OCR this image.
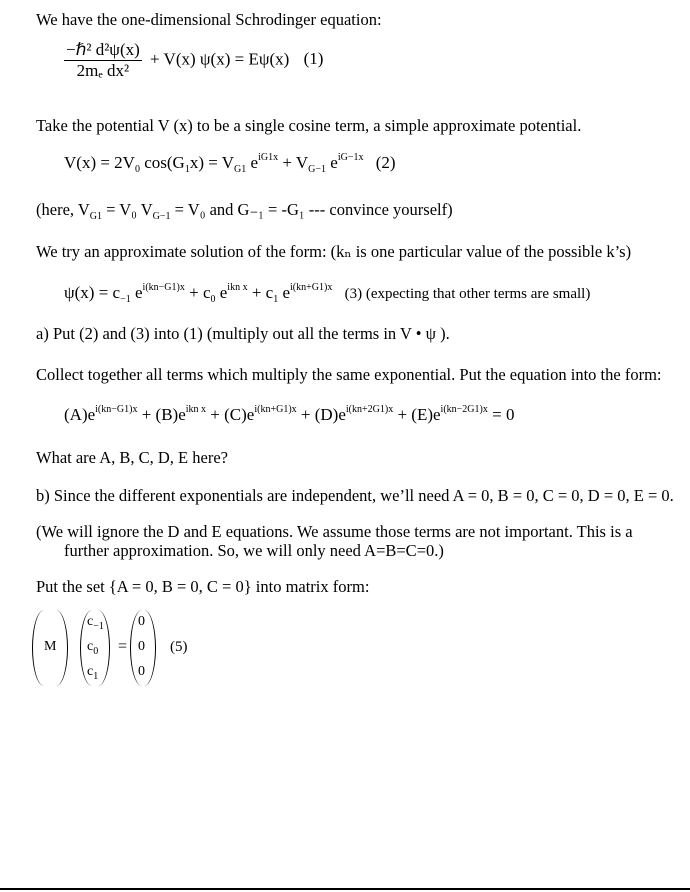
We have the one-dimensional Schrodinger equation:
$\frac{\text{−ℏ² d²ψ(x)}}{\text{2mₑ dx²}} + V(x) \psi(x) = E\psi(x)$ (1)
Take the potential V (x) to be a single cosine term, a simple approximate potential.
$V(x) = 2V_0$ $\cos(G_1x) = V_{G1}$ $e^{iG1x} + V_{G-1}$ $e^{iG-1x}$ (2)
(here, $V_{G1} = V_0$ $V_{G-1} = V_0$ and G₋₁ = -G₁ --- convince yourself)
We try an approximate solution of the form: (kₙ is one particular value of the possible k’s)
$\psi(x) = c_{-1}$ $e^{i(kn-G1)x} + c_0$ $e^{ikn x} + c_1$ $e^{i(kn+G1)x}$ (3) (expecting that other terms are small)
a) Put (2) and (3) into (1) (multiply out all the terms in V • ψ ).
Collect together all terms which multiply the same exponential. Put the equation into the form:
$(A)e^{i(kn-G1)x} + (B)e^{ikn x} + (C)e^{i(kn+G1)x} + (D)e^{i(kn+2G1)x} + (E)e^{i(kn-2G1)x} = 0$
What are A, B, C, D, E here?
b) Since the different exponentials are independent, we’ll need A = 0, B = 0, C = 0, D = 0, E = 0.
(We will ignore the D and E equations. We assume those terms are not important. This is a
further approximation. So, we will only need A=B=C=0.)
Put the set {A = 0, B = 0, C = 0} into matrix form:
M
$c_{-1}$
$c_0$
$c_1$
=
0
0
0
(5)
